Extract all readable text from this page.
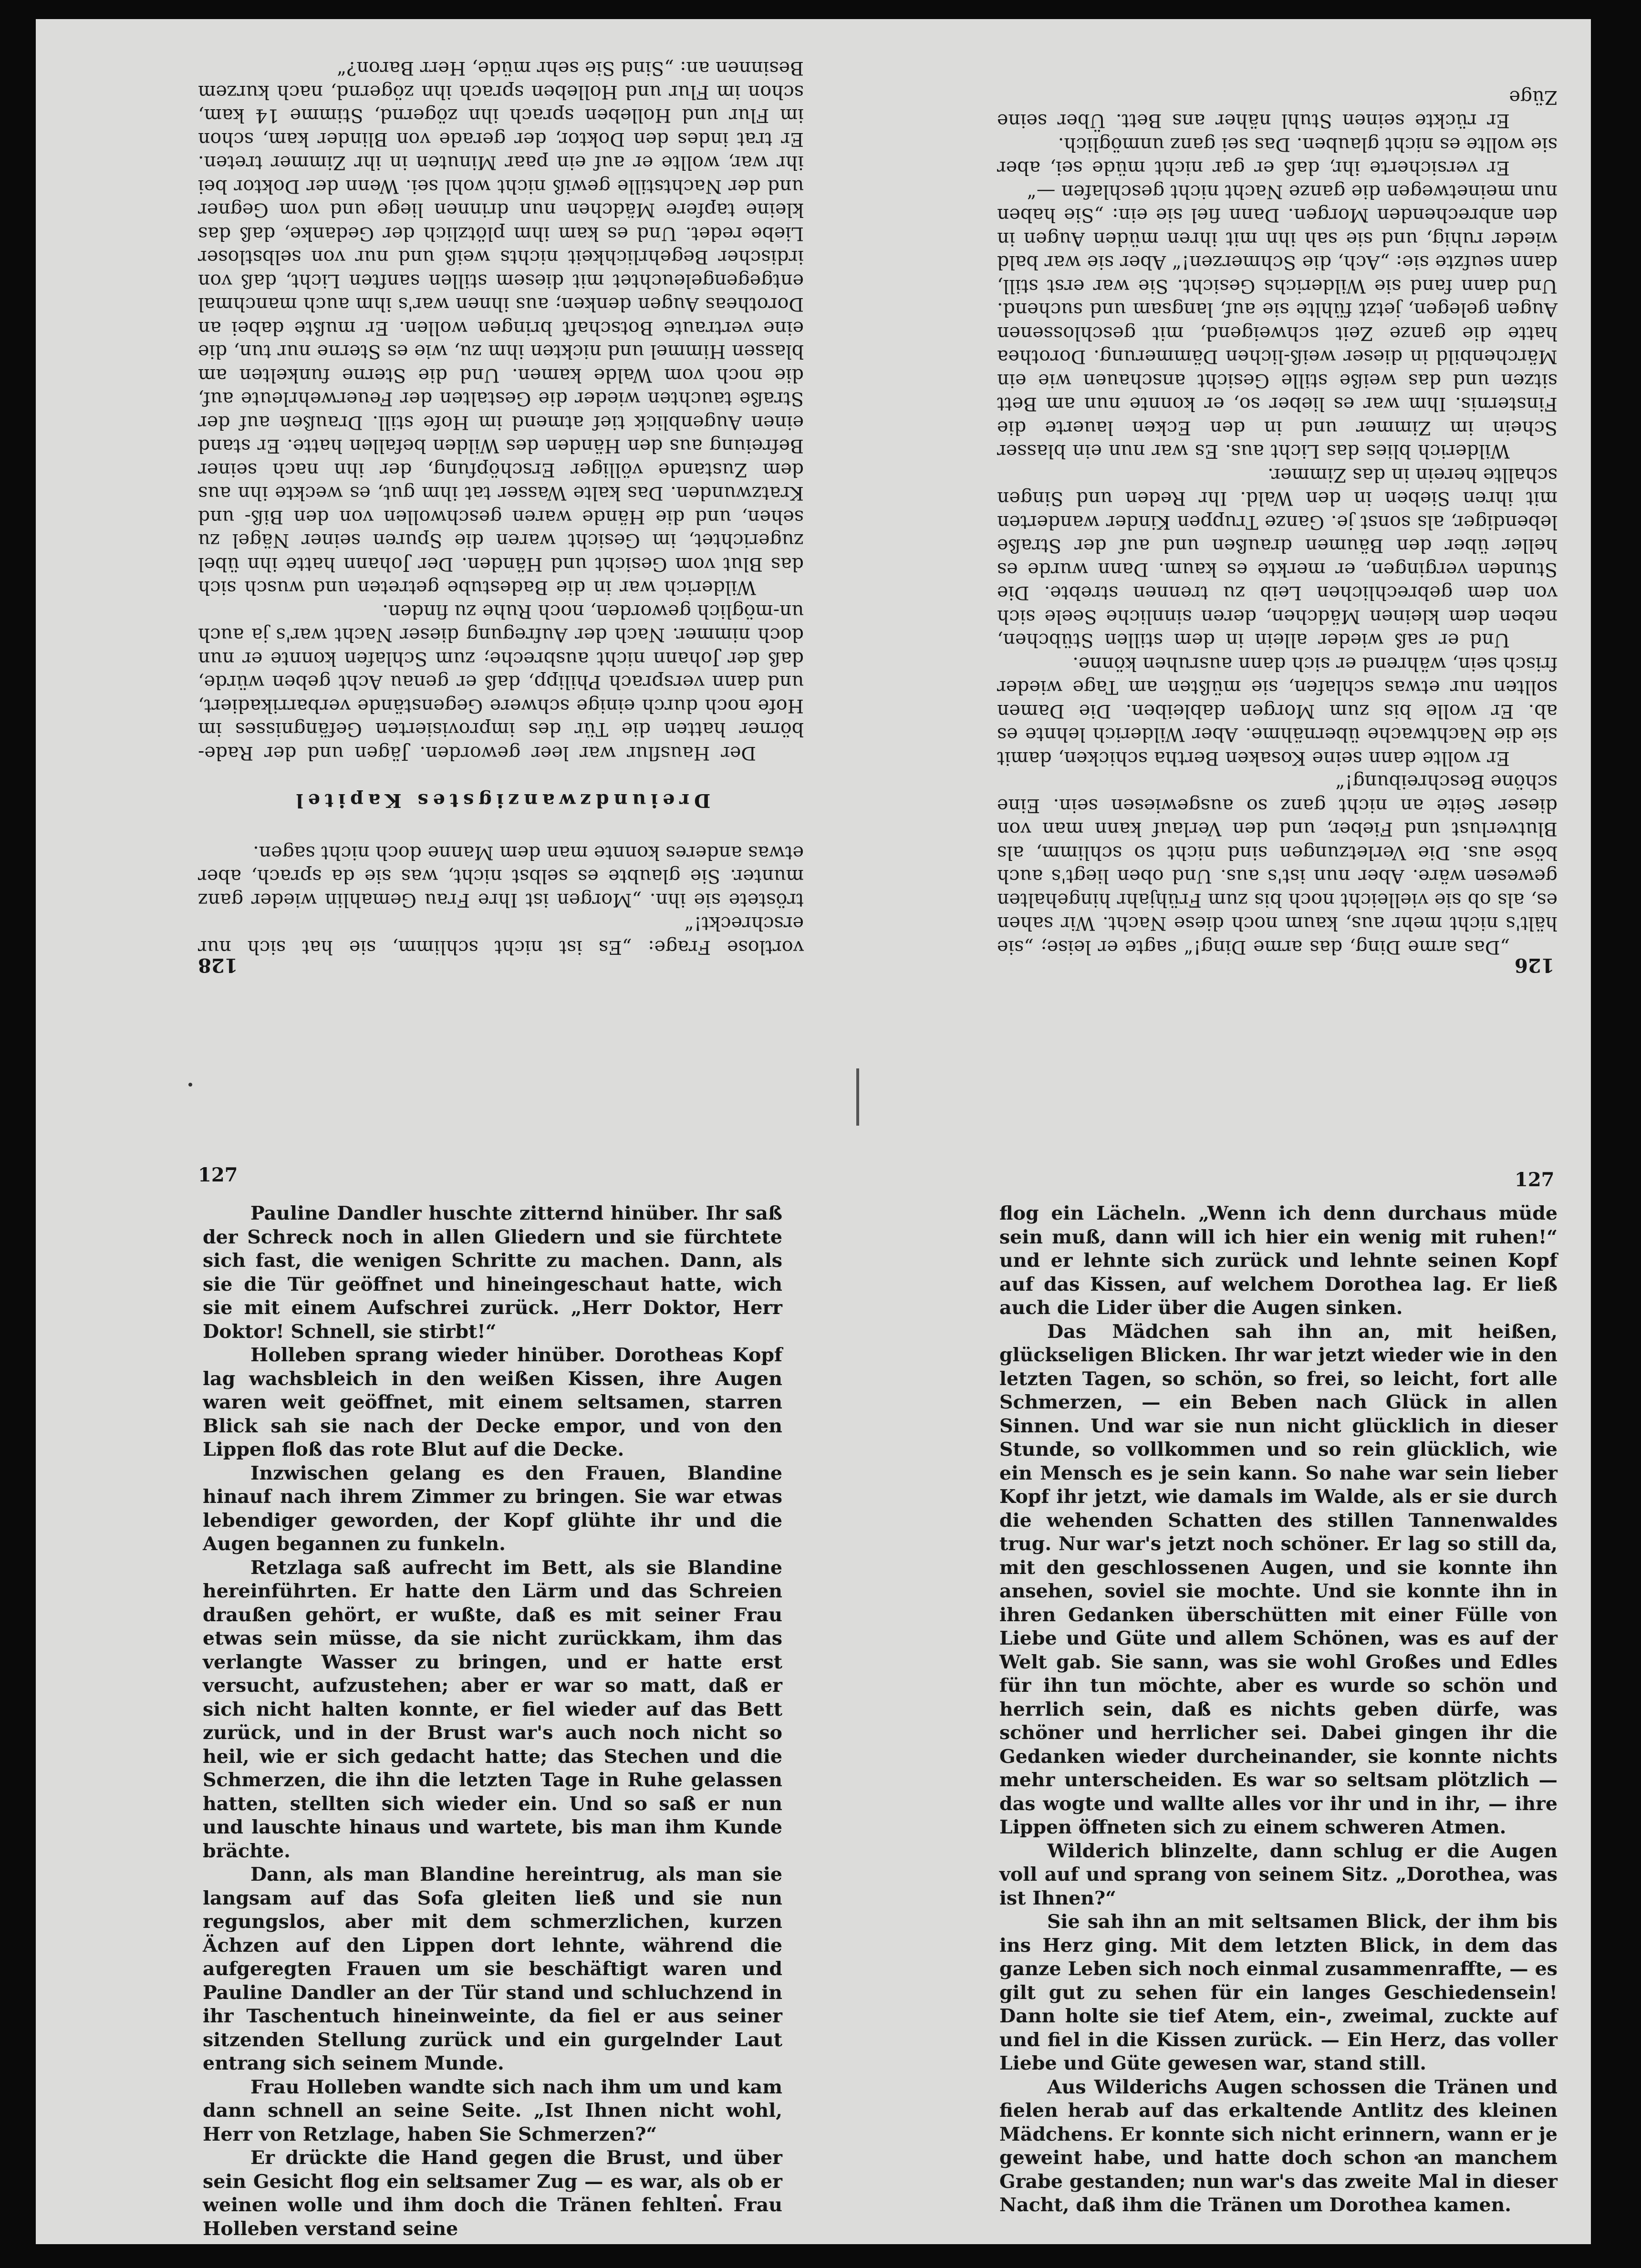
vortlose Frage: „Es ist nicht schlimm, sie hat sich nur erschreckt!“

tröstete sie ihn. „Morgen ist Ihre Frau Gemahlin wieder ganz munter. Sie glaubte es selbst nicht, was sie da sprach, aber etwas anderes konnte man dem Manne doch nicht sagen.

Dreiundzwanzigstes Kapitel

Der Hausflur war leer geworden. Jägen und der Rade-börner hatten die Tür des improvisierten Gefängnisses im Hofe noch durch einige schwere Gegenstände verbarrikadiert, und dann versprach Philipp, daß er genau Acht geben würde, daß der Johann nicht ausbreche; zum Schlafen konnte er nun doch nimmer. Nach der Aufregung dieser Nacht war's ja auch un-möglich geworden, noch Ruhe zu finden.

Wilderich war in die Badestube getreten und wusch sich das Blut vom Gesicht und Händen. Der Johann hatte ihn übel zugerichtet, im Gesicht waren die Spuren seiner Nägel zu sehen, und die Hände waren geschwollen von den Biß- und Kratzwunden. Das kalte Wasser tat ihm gut, es weckte ihn aus dem Zustande völliger Erschöpfung, der ihn nach seiner Befreiung aus den Händen des Wilden befallen hatte. Er stand einen Augenblick tief atmend im Hofe still. Draußen auf der Straße tauchten wieder die Gestalten der Feuerwehrleute auf, die noch vom Walde kamen. Und die Sterne funkelten am blassen Himmel und nickten ihm zu, wie es Sterne nur tun, die eine vertraute Botschaft bringen wollen. Er mußte dabei an Dorotheas Augen denken; aus ihnen war's ihm auch manchmal entgegengeleuchtet mit diesem stillen sanften Licht, daß von irdischer Begehrlichkeit nichts weiß und nur von selbstloser Liebe redet. Und es kam ihm plötzlich der Gedanke, daß das kleine tapfere Mädchen nun drinnen liege und vom Gegner und der Nachtstille gewiß nicht wohl sei. Wenn der Doktor bei ihr war, wollte er auf ein paar Minuten in ihr Zimmer treten. Er trat indes den Doktor, der gerade von Blinder kam, schon im Flur und Holleben sprach ihn zögernd, Stimme 14 kam, schon im Flur und Holleben sprach ihn zögernd, nach kurzem Besinnen an: „Sind Sie sehr müde, Herr Baron?“

128

„Das arme Ding, das arme Ding!“ sagte er leise; „sie hält's nicht mehr aus, kaum noch diese Nacht. Wir sahen es, als ob sie vielleicht noch bis zum Frühjahr hingehalten gewesen wäre. Aber nun ist's aus. Und oben liegt's auch böse aus. Die Verletzungen sind nicht so schlimm, als Blutverlust und Fieber, und den Verlauf kann man von dieser Seite an nicht ganz so ausgewiesen sein. Eine schöne Beschreibung!“

Er wollte dann seine Kosaken Bertha schicken, damit sie die Nachtwache übernähme. Aber Wilderich lehnte es ab. Er wolle bis zum Morgen dableiben. Die Damen sollten nur etwas schlafen, sie müßten am Tage wieder frisch sein, während er sich dann ausruhen könne.

Und er saß wieder allein in dem stillen Stübchen, neben dem kleinen Mädchen, deren sinnliche Seele sich von dem gebrechlichen Leib zu trennen strebte. Die Stunden vergingen, er merkte es kaum. Dann wurde es heller über den Bäumen draußen und auf der Straße lebendiger, als sonst je. Ganze Truppen Kinder wanderten mit ihren Sieben in den Wald. Ihr Reden und Singen schallte herein in das Zimmer.

Wilderich blies das Licht aus. Es war nun ein blasser Schein im Zimmer und in den Ecken lauerte die Finsternis. Ihm war es lieber so, er konnte nun am Bett sitzen und das weiße stille Gesicht anschauen wie ein Märchenbild in dieser weiß-lichen Dämmerung. Dorothea hatte die ganze Zeit schweigend, mit geschlossenen Augen gelegen, jetzt fühlte sie auf, langsam und suchend. Und dann fand sie Wilderichs Gesicht. Sie war erst still, dann seufzte sie: „Ach, die Schmerzen!“ Aber sie war bald wieder ruhig, und sie sah ihn mit ihren müden Augen in den anbrechenden Morgen. Dann fiel sie ein: „Sie haben nun meinetwegen die ganze Nacht nicht geschlafen —“

Er versicherte ihr, daß er gar nicht müde sei, aber sie wollte es nicht glauben. Das sei ganz unmöglich.

Er rückte seinen Stuhl näher ans Bett. Über seine Züge

126
127	127

Pauline Dandler huschte zitternd hinüber. Ihr saß der Schreck noch in allen Gliedern und sie fürchtete sich fast, die wenigen Schritte zu machen. Dann, als sie die Tür geöffnet und hineingeschaut hatte, wich sie mit einem Aufschrei zurück. „Herr Doktor, Herr Doktor! Schnell, sie stirbt!“

Holleben sprang wieder hinüber. Dorotheas Kopf lag wachsbleich in den weißen Kissen, ihre Augen waren weit geöffnet, mit einem seltsamen, starren Blick sah sie nach der Decke empor, und von den Lippen floß das rote Blut auf die Decke.

Inzwischen gelang es den Frauen, Blandine hinauf nach ihrem Zimmer zu bringen. Sie war etwas lebendiger geworden, der Kopf glühte ihr und die Augen begannen zu funkeln.

Retzlaga saß aufrecht im Bett, als sie Blandine hereinführten. Er hatte den Lärm und das Schreien draußen gehört, er wußte, daß es mit seiner Frau etwas sein müsse, da sie nicht zurückkam, ihm das verlangte Wasser zu bringen, und er hatte erst versucht, aufzustehen; aber er war so matt, daß er sich nicht halten konnte, er fiel wieder auf das Bett zurück, und in der Brust war's auch noch nicht so heil, wie er sich gedacht hatte; das Stechen und die Schmerzen, die ihn die letzten Tage in Ruhe gelassen hatten, stellten sich wieder ein. Und so saß er nun und lauschte hinaus und wartete, bis man ihm Kunde brächte.

Dann, als man Blandine hereintrug, als man sie langsam auf das Sofa gleiten ließ und sie nun regungslos, aber mit dem schmerzlichen, kurzen Ächzen auf den Lippen dort lehnte, während die aufgeregten Frauen um sie beschäftigt waren und Pauline Dandler an der Tür stand und schluchzend in ihr Taschentuch hineinweinte, da fiel er aus seiner sitzenden Stellung zurück und ein gurgelnder Laut entrang sich seinem Munde.

Frau Holleben wandte sich nach ihm um und kam dann schnell an seine Seite. „Ist Ihnen nicht wohl, Herr von Retzlage, haben Sie Schmerzen?“

Er drückte die Hand gegen die Brust, und über sein Gesicht flog ein seltsamer Zug — es war, als ob er weinen wolle und ihm doch die Tränen fehlten. Frau Holleben verstand seine

flog ein Lächeln. „Wenn ich denn durchaus müde sein muß, dann will ich hier ein wenig mit ruhen!“ und er lehnte sich zurück und lehnte seinen Kopf auf das Kissen, auf welchem Dorothea lag. Er ließ auch die Lider über die Augen sinken.

Das Mädchen sah ihn an, mit heißen, glückseligen Blicken. Ihr war jetzt wieder wie in den letzten Tagen, so schön, so frei, so leicht, fort alle Schmerzen, — ein Beben nach Glück in allen Sinnen. Und war sie nun nicht glücklich in dieser Stunde, so vollkommen und so rein glücklich, wie ein Mensch es je sein kann. So nahe war sein lieber Kopf ihr jetzt, wie damals im Walde, als er sie durch die wehenden Schatten des stillen Tannenwaldes trug. Nur war's jetzt noch schöner. Er lag so still da, mit den geschlossenen Augen, und sie konnte ihn ansehen, soviel sie mochte. Und sie konnte ihn in ihren Gedanken überschütten mit einer Fülle von Liebe und Güte und allem Schönen, was es auf der Welt gab. Sie sann, was sie wohl Großes und Edles für ihn tun möchte, aber es wurde so schön und herrlich sein, daß es nichts geben dürfe, was schöner und herrlicher sei. Dabei gingen ihr die Gedanken wieder durcheinander, sie konnte nichts mehr unterscheiden. Es war so seltsam plötzlich — das wogte und wallte alles vor ihr und in ihr, — ihre Lippen öffneten sich zu einem schweren Atmen.

Wilderich blinzelte, dann schlug er die Augen voll auf und sprang von seinem Sitz. „Dorothea, was ist Ihnen?“

Sie sah ihn an mit seltsamen Blick, der ihm bis ins Herz ging. Mit dem letzten Blick, in dem das ganze Leben sich noch einmal zusammenraffte, — es gilt gut zu sehen für ein langes Geschiedensein! Dann holte sie tief Atem, ein-, zweimal, zuckte auf und fiel in die Kissen zurück. — Ein Herz, das voller Liebe und Güte gewesen war, stand still.

Aus Wilderichs Augen schossen die Tränen und fielen herab auf das erkaltende Antlitz des kleinen Mädchens. Er konnte sich nicht erinnern, wann er je geweint habe, und hatte doch schon an manchem Grabe gestanden; nun war's das zweite Mal in dieser Nacht, daß ihm die Tränen um Dorothea kamen.
